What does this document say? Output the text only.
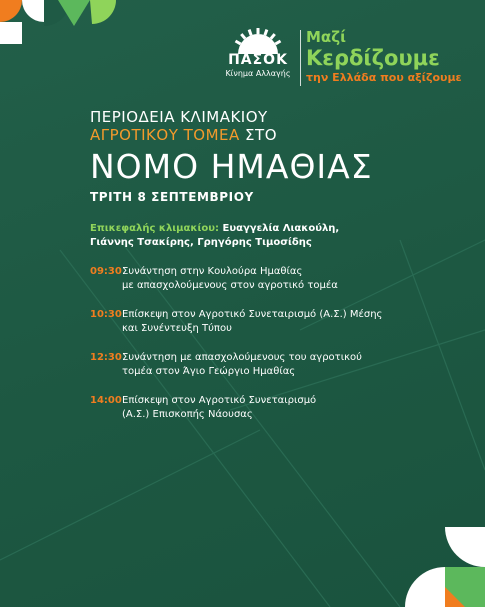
ΠΑΣΟΚ
Κίνημα Αλλαγής
Μαζί
Κερδίζουμε
την Ελλάδα που αξίζουμε
ΠΕΡΙΟΔΕΙΑ ΚΛΙΜΑΚΙΟΥ
ΑΓΡΟΤΙΚΟΥ ΤΟΜΕΑ ΣΤΟ
ΝΟΜΟ ΗΜΑΘΙΑΣ
ΤΡΙΤΗ 8 ΣΕΠΤΕΜΒΡΙΟΥ
Επικεφαλής κλιμακίου: Ευαγγελία Λιακούλη,
Γιάννης Τσακίρης, Γρηγόρης Τιμοσίδης
09:30 Συνάντηση στην Κουλούρα Ημαθίας
με απασχολούμενους στον αγροτικό τομέα
10:30 Επίσκεψη στον Αγροτικό Συνεταιρισμό (Α.Σ.) Μέσης
και Συνέντευξη Τύπου
12:30 Συνάντηση με απασχολούμενους του αγροτικού
τομέα στον Άγιο Γεώργιο Ημαθίας
14:00 Επίσκεψη στον Αγροτικό Συνεταιρισμό
(Α.Σ.) Επισκοπής Νάουσας
